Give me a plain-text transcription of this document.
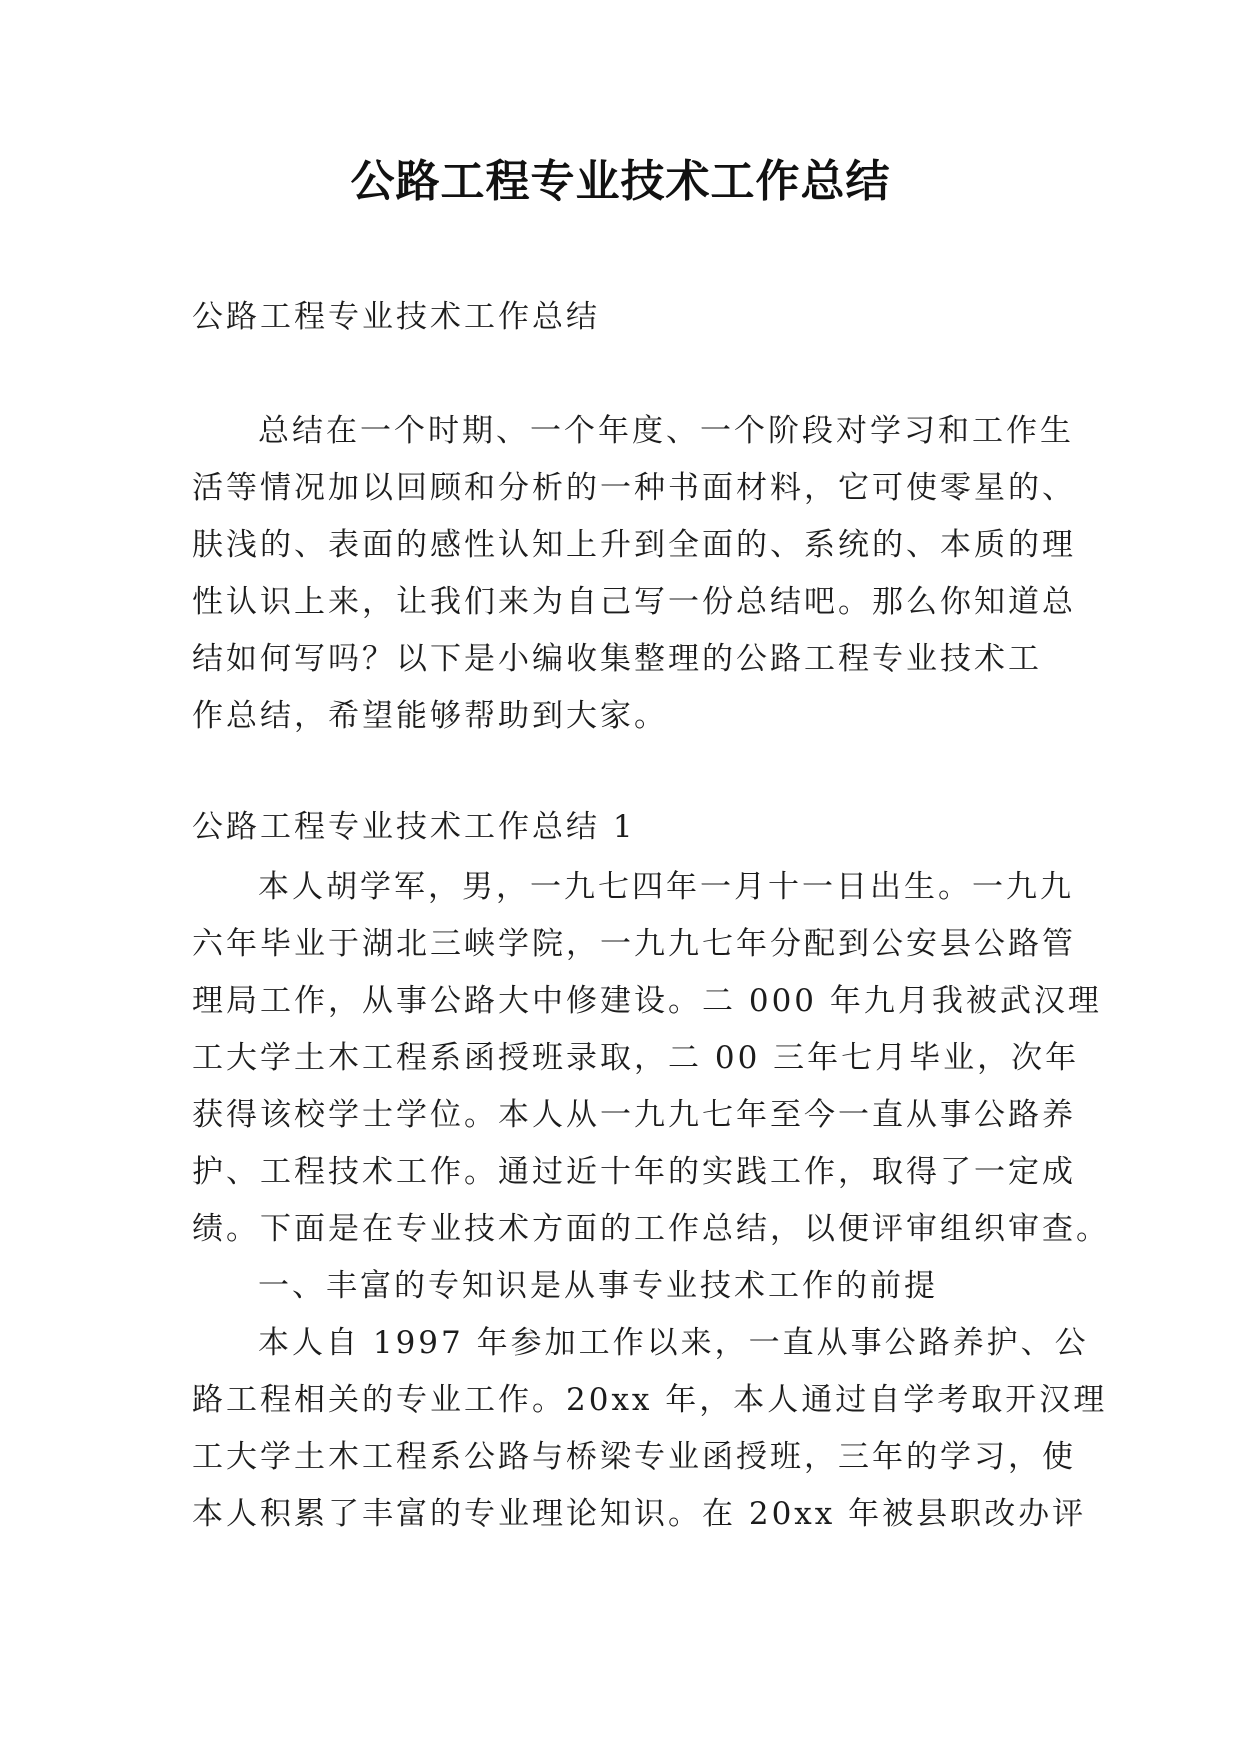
公路工程专业技术工作总结

公路工程专业技术工作总结

总结在一个时期、一个年度、一个阶段对学习和工作生
活等情况加以回顾和分析的一种书面材料，它可使零星的、
肤浅的、表面的感性认知上升到全面的、系统的、本质的理
性认识上来，让我们来为自己写一份总结吧。那么你知道总
结如何写吗？以下是小编收集整理的公路工程专业技术工
作总结，希望能够帮助到大家。

公路工程专业技术工作总结 1

本人胡学军，男，一九七四年一月十一日出生。一九九
六年毕业于湖北三峡学院，一九九七年分配到公安县公路管
理局工作，从事公路大中修建设。二 000 年九月我被武汉理
工大学土木工程系函授班录取，二 00 三年七月毕业，次年
获得该校学士学位。本人从一九九七年至今一直从事公路养
护、工程技术工作。通过近十年的实践工作，取得了一定成
绩。下面是在专业技术方面的工作总结，以便评审组织审查。
一、丰富的专知识是从事专业技术工作的前提
本人自 1997 年参加工作以来，一直从事公路养护、公
路工程相关的专业工作。20xx 年，本人通过自学考取开汉理
工大学土木工程系公路与桥梁专业函授班，三年的学习，使
本人积累了丰富的专业理论知识。在 20xx 年被县职改办评
